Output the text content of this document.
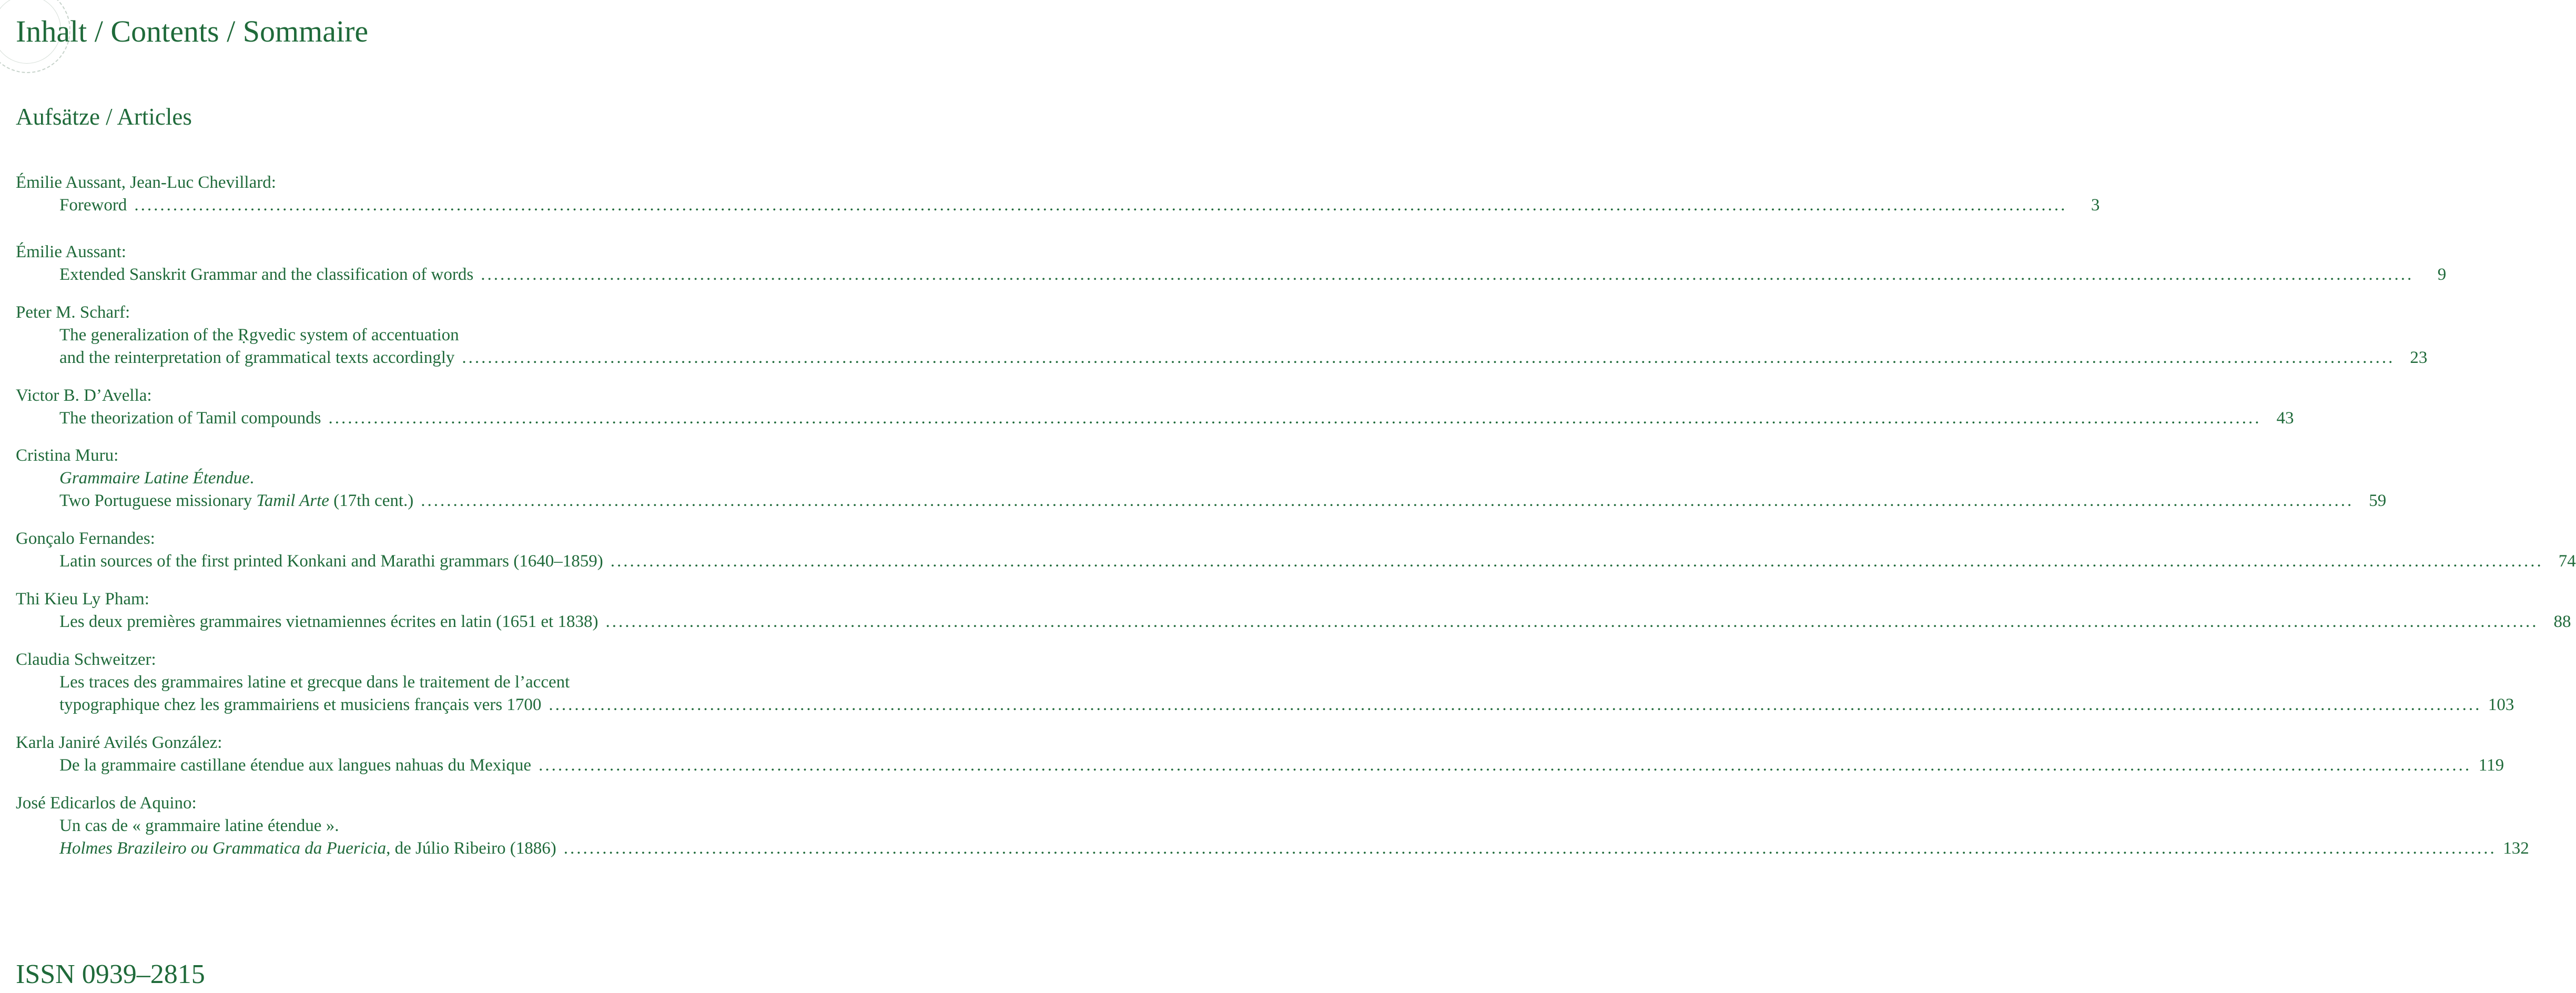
Inhalt / Contents / Sommaire
Aufsätze / Articles
Émilie Aussant, Jean-Luc Chevillard:
Foreword ............................................................................................................................................................................................................................................................................................................	3
Émilie Aussant:
Extended Sanskrit Grammar and the classification of words ............................................................................................................................................................................................................................................................................................................	9
Peter M. Scharf:
The generalization of the Ṛgvedic system of accentuation
and the reinterpretation of grammatical texts accordingly ............................................................................................................................................................................................................................................................................................................ 23
Victor B. D’Avella:
The theorization of Tamil compounds ............................................................................................................................................................................................................................................................................................................ 43
Cristina Muru:
Grammaire Latine Étendue.
Two Portuguese missionary Tamil Arte (17th cent.) ............................................................................................................................................................................................................................................................................................................ 59
Gonçalo Fernandes:
Latin sources of the first printed Konkani and Marathi grammars (1640–1859) ............................................................................................................................................................................................................................................................................................................ 74
Thi Kieu Ly Pham:
Les deux premières grammaires vietnamiennes écrites en latin (1651 et 1838) ............................................................................................................................................................................................................................................................................................................ 88
Claudia Schweitzer:
Les traces des grammaires latine et grecque dans le traitement de l’accent
typographique chez les grammairiens et musiciens français vers 1700 ............................................................................................................................................................................................................................................................................................................ 103
Karla Janiré Avilés González:
De la grammaire castillane étendue aux langues nahuas du Mexique ............................................................................................................................................................................................................................................................................................................ 119
José Edicarlos de Aquino:
Un cas de « grammaire latine étendue ».
Holmes Brazileiro ou Grammatica da Puericia, de Júlio Ribeiro (1886) ............................................................................................................................................................................................................................................................................................................ 132
ISSN 0939–2815
